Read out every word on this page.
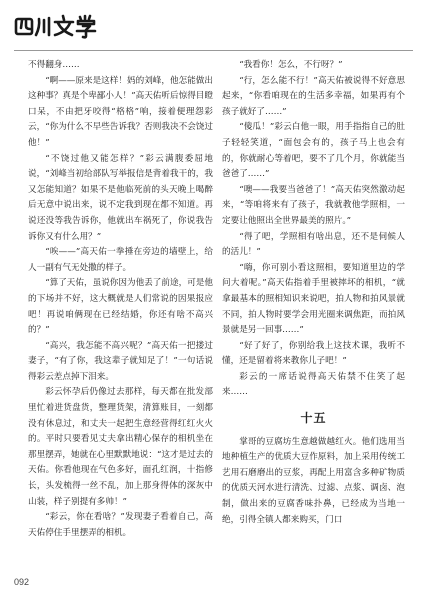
不得翻身……

“啊——原来是这样！妈的刘峰，他怎能做出这种事？真是个卑鄙小人！”高天佑听后惊得目瞪口呆，不由把牙咬得“格格”响，接着便理怨彩云，“你为什么不早些告诉我？否则我决不会饶过他！”

“不饶过他又能怎样？”彩云满腹委屈地说，“刘峰当初给部队写举报信是背着我干的，我又怎能知道？如果不是他临死前的头天晚上喝醉后无意中说出来，说不定我到现在都不知道。再说还没等我告诉你，他就出车祸死了，你说我告诉你又有什么用？”

“唉——”高天佑一拳捶在旁边的墙壁上，给人一副有气无处撒的样子。

“算了天佑，虽说你因为他丢了前途，可是他的下场并不好，这大概就是人们常说的因果报应吧！再说咱俩现在已经结婚，你还有啥不高兴的？”

“高兴，我怎能不高兴呢？”高天佑一把搂过妻子，“有了你，我这辈子就知足了！”一句话说得彩云差点掉下泪来。

彩云怀孕后仍像过去那样，每天都在批发部里忙着进货盘货，整理货架，清算账目，一刻都没有休息过，和丈夫一起把生意经营得红红火火的。平时只要看见丈夫拿出精心保存的相机坐在那里摆弄，她就在心里默默地说：“这才是过去的天佑。你看他现在气色多好，面孔红润，十指修长，头发梳得一丝不乱，加上那身得体的深灰中山装，样子别提有多帅！”

“彩云，你在看啥？”发现妻子看着自己，高天佑停住手里摆弄的相机。

“我看你！怎么，不行呀？”

“行，怎么能不行！”高天佑被说得不好意思起来，“你看咱现在的生活多幸福，如果再有个孩子就好了……”

“傻瓜！”彩云白他一眼，用手指指自己的肚子轻轻笑道，“面包会有的，孩子马上也会有的，你就耐心等着吧，要不了几个月，你就能当爸爸了……”

“噢——我要当爸爸了！”高天佑突然激动起来，“等咱将来有了孩子，我就教他学照相，一定要让他照出全世界最美的照片。”

“得了吧，学照相有啥出息，还不是伺候人的活儿！”

“嗨，你可别小看这照相，要知道里边的学问大着呢。”高天佑指着手里被摔坏的相机，“就拿最基本的照相知识来说吧，拍人物和拍风景就不同，拍人物时要学会用光圈来调焦距，而拍风景就是另一回事……”

“好了好了，你别给我上这技术课，我听不懂，还是留着将来教你儿子吧！”

彩云的一席话说得高天佑禁不住笑了起来……

十五

掌哥的豆腐坊生意越做越红火。他们选用当地种植生产的优质大豆作原料，加上采用传统工艺用石磨磨出的豆浆，再配上用富含多种矿物质的优质天河水进行清洗、过滤、点浆、调卤、泡制，做出来的豆腐香味扑鼻，已经成为当地一绝，引得全镇人都来购买，门口

092
